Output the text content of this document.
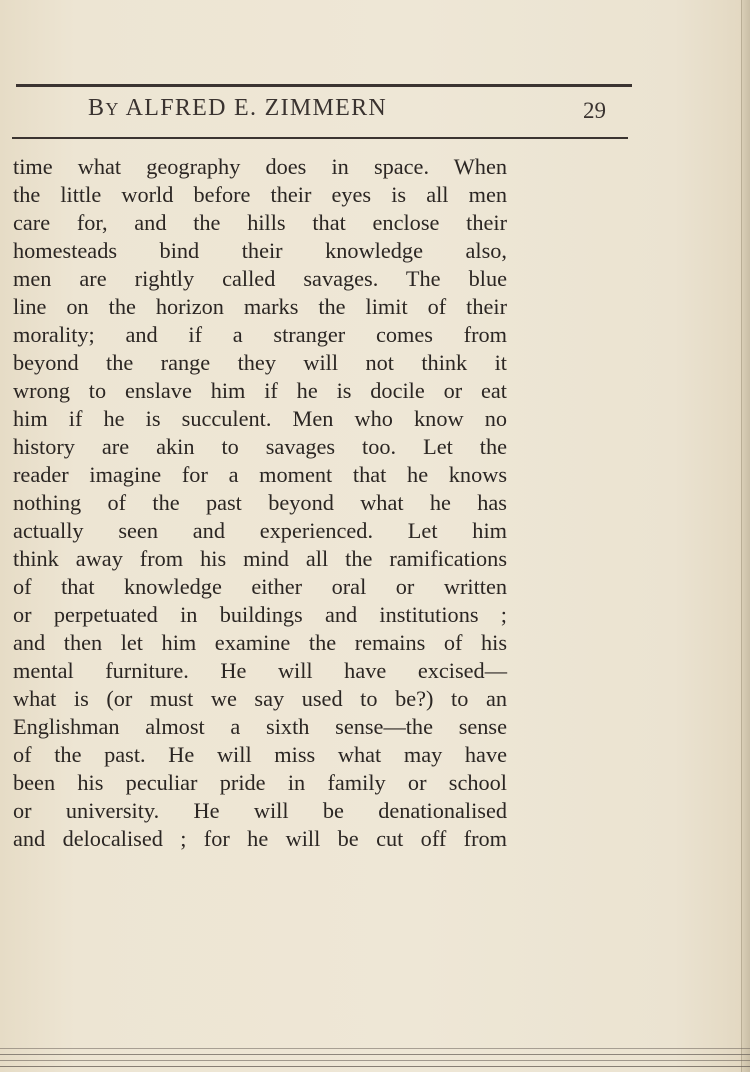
BY ALFRED E. ZIMMERN	29
time what geography does in space. When
the little world before their eyes is all men
care for, and the hills that enclose their
homesteads bind their knowledge also,
men are rightly called savages. The blue
line on the horizon marks the limit of their
morality; and if a stranger comes from
beyond the range they will not think it
wrong to enslave him if he is docile or eat
him if he is succulent. Men who know no
history are akin to savages too. Let the
reader imagine for a moment that he knows
nothing of the past beyond what he has
actually seen and experienced. Let him
think away from his mind all the ramifications
of that knowledge either oral or written
or perpetuated in buildings and institutions ;
and then let him examine the remains of his
mental furniture. He will have excised—
what is (or must we say used to be?) to an
Englishman almost a sixth sense—the sense
of the past. He will miss what may have
been his peculiar pride in family or school
or university. He will be denationalised
and delocalised ; for he will be cut off from
